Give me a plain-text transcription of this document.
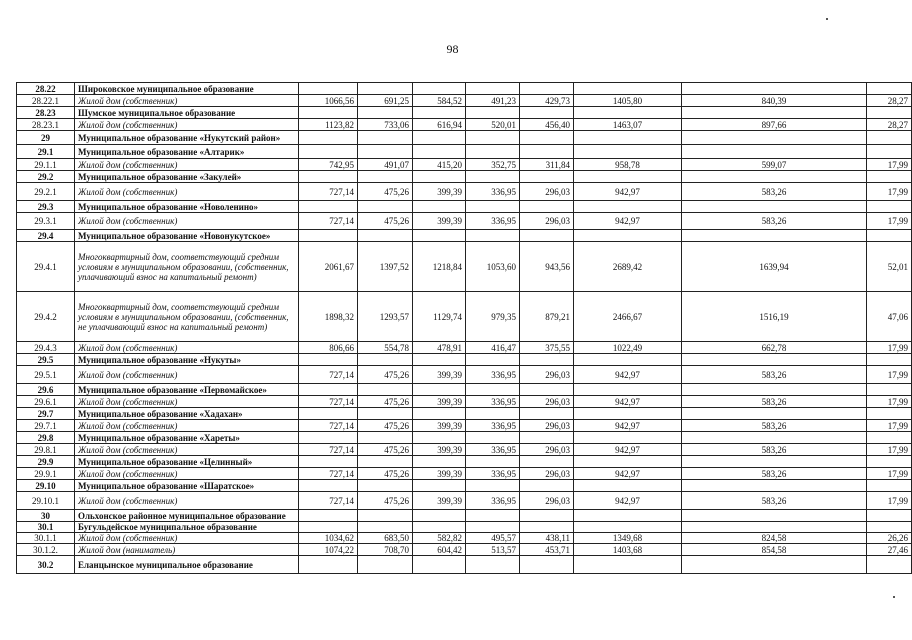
98
28.22	Широковское муниципальное образование								
28.22.1	Жилой дом (собственник)	1066,56	691,25	584,52	491,23	429,73	1405,80	840,39	28,27
28.23	Шумское муниципальное образование								
28.23.1	Жилой дом (собственник)	1123,82	733,06	616,94	520,01	456,40	1463,07	897,66	28,27
29	Муниципальное образование «Нукутский район»								
29.1	Муниципальное образование «Алтарик»								
29.1.1	Жилой дом (собственник)	742,95	491,07	415,20	352,75	311,84	958,78	599,07	17,99
29.2	Муниципальное образование «Закулей»								
29.2.1	Жилой дом (собственник)	727,14	475,26	399,39	336,95	296,03	942,97	583,26	17,99
29.3	Муниципальное образование «Новоленино»								
29.3.1	Жилой дом (собственник)	727,14	475,26	399,39	336,95	296,03	942,97	583,26	17,99
29.4	Муниципальное образование «Новонукутское»								
29.4.1	Многоквартирный дом, соответствующий средним условиям в муниципальном образовании, (собственник, уплачивающий взнос на капитальный ремонт)	2061,67	1397,52	1218,84	1053,60	943,56	2689,42	1639,94	52,01
29.4.2	Многоквартирный дом, соответствующий средним условиям в муниципальном образовании, (собственник, не уплачивающий взнос на капитальный ремонт)	1898,32	1293,57	1129,74	979,35	879,21	2466,67	1516,19	47,06
29.4.3	Жилой дом (собственник)	806,66	554,78	478,91	416,47	375,55	1022,49	662,78	17,99
29.5	Муниципальное образование «Нукуты»								
29.5.1	Жилой дом (собственник)	727,14	475,26	399,39	336,95	296,03	942,97	583,26	17,99
29.6	Муниципальное образование «Первомайское»								
29.6.1	Жилой дом (собственник)	727,14	475,26	399,39	336,95	296,03	942,97	583,26	17,99
29.7	Муниципальное образование «Хадахан»								
29.7.1	Жилой дом (собственник)	727,14	475,26	399,39	336,95	296,03	942,97	583,26	17,99
29.8	Муниципальное образование «Хареты»								
29.8.1	Жилой дом (собственник)	727,14	475,26	399,39	336,95	296,03	942,97	583,26	17,99
29.9	Муниципальное образование «Целинный»								
29.9.1	Жилой дом (собственник)	727,14	475,26	399,39	336,95	296,03	942,97	583,26	17,99
29.10	Муниципальное образование «Шаратское»								
29.10.1	Жилой дом (собственник)	727,14	475,26	399,39	336,95	296,03	942,97	583,26	17,99
30	Ольхонское районное муниципальное образование								
30.1	Бугульдейское муниципальное образование								
30.1.1	Жилой дом (собственник)	1034,62	683,50	582,82	495,57	438,11	1349,68	824,58	26,26
30.1.2.	Жилой дом (наниматель)	1074,22	708,70	604,42	513,57	453,71	1403,68	854,58	27,46
30.2	Еланцынское муниципальное образование								
